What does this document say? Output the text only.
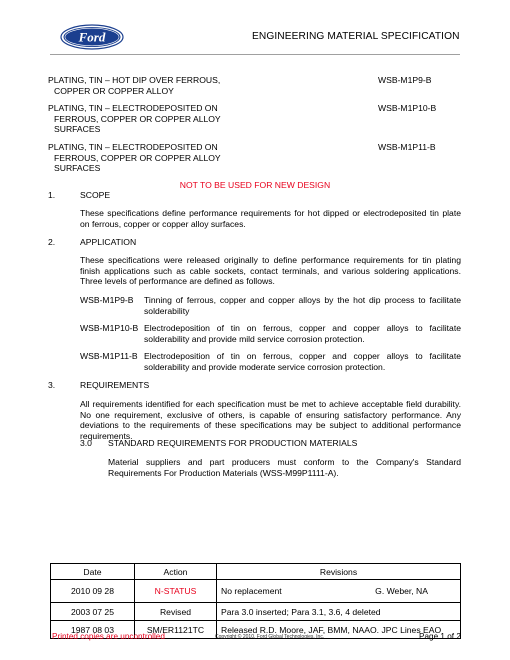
Ford	ENGINEERING MATERIAL SPECIFICATION
PLATING, TIN – HOT DIP OVER FERROUS,
COPPER OR COPPER ALLOY
WSB-M1P9-B
PLATING, TIN – ELECTRODEPOSITED ON
FERROUS, COPPER OR COPPER ALLOY
SURFACES
WSB-M1P10-B
PLATING, TIN – ELECTRODEPOSITED ON
FERROUS, COPPER OR COPPER ALLOY
SURFACES
WSB-M1P11-B
NOT TO BE USED FOR NEW DESIGN
1.	SCOPE
These specifications define performance requirements for hot dipped or electrodeposited tin plate on ferrous, copper or copper alloy surfaces.
2.	APPLICATION
These specifications were released originally to define performance requirements for tin plating finish applications such as cable sockets, contact terminals, and various soldering applications. Three levels of performance are defined as follows.
WSB-M1P9-B Tinning of ferrous, copper and copper alloys by the hot dip process to facilitate solderability
WSB-M1P10-B Electrodeposition of tin on ferrous, copper and copper alloys to facilitate solderability and provide mild service corrosion protection.
WSB-M1P11-B Electrodeposition of tin on ferrous, copper and copper alloys to facilitate solderability and provide moderate service corrosion protection.
3.	REQUIREMENTS
All requirements identified for each specification must be met to achieve acceptable field durability. No one requirement, exclusive of others, is capable of ensuring satisfactory performance. Any deviations to the requirements of these specifications may be subject to additional performance requirements.
3.0 STANDARD REQUIREMENTS FOR PRODUCTION MATERIALS
Material suppliers and part producers must conform to the Company's Standard Requirements For Production Materials (WSS-M99P1111-A).
Date	Action	Revisions
2010 09 28	N-STATUS	No replacement G. Weber, NA

2003 07 25	Revised	Para 3.0 inserted; Para 3.1, 3.6, 4 deleted
1987 08 03	SM/ER1121TC	Released R.D. Moore, JAF, BMM, NAAO. JPC Lines EAO
Printed copies are uncontrolled	Copyright © 2010, Ford Global Technologies, Inc.	Page 1 of 2
